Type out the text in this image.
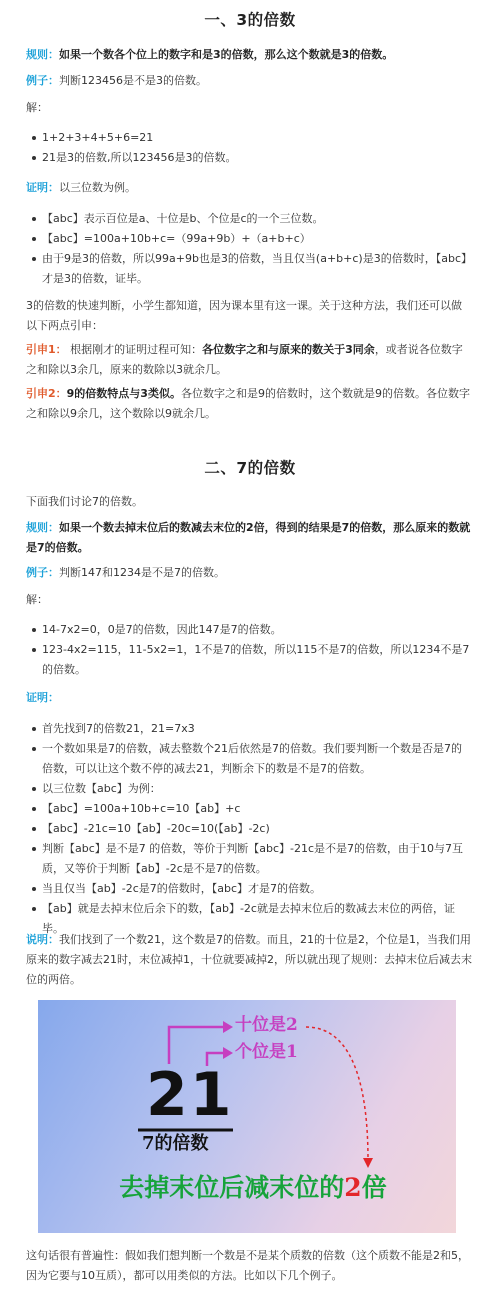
一、3的倍数

规则：如果一个数各个位上的数字和是3的倍数，那么这个数就是3的倍数。

例子：判断123456是不是3的倍数。

解：

1+2+3+4+5+6=21
21是3的倍数,所以123456是3的倍数。

证明：以三位数为例。

【abc】表示百位是a、十位是b、个位是c的一个三位数。
【abc】=100a+10b+c=（99a+9b）+（a+b+c）
由于9是3的倍数，所以99a+9b也是3的倍数，当且仅当(a+b+c)是3的倍数时，【abc】才是3的倍数，证毕。

3的倍数的快速判断，小学生都知道，因为课本里有这一课。关于这种方法，我们还可以做以下两点引申：

引申1： 根据刚才的证明过程可知：各位数字之和与原来的数关于3同余，或者说各位数字之和除以3余几，原来的数除以3就余几。

引申2：9的倍数特点与3类似。各位数字之和是9的倍数时，这个数就是9的倍数。各位数字之和除以9余几，这个数除以9就余几。

二、7的倍数

下面我们讨论7的倍数。

规则：如果一个数去掉末位后的数减去末位的2倍，得到的结果是7的倍数，那么原来的数就是7的倍数。

例子：判断147和1234是不是7的倍数。

解：

14-7x2=0，0是7的倍数，因此147是7的倍数。
123-4x2=115，11-5x2=1，1不是7的倍数，所以115不是7的倍数，所以1234不是7的倍数。

证明：

首先找到7的倍数21，21=7x3
一个数如果是7的倍数，减去整数个21后依然是7的倍数。我们要判断一个数是否是7的倍数，可以让这个数不停的减去21，判断余下的数是不是7的倍数。
以三位数【abc】为例：
【abc】=100a+10b+c=10【ab】+c
【abc】-21c=10【ab】-20c=10(【ab】-2c)
判断【abc】是不是7 的倍数，等价于判断【abc】-21c是不是7的倍数，由于10与7互质，又等价于判断【ab】-2c是不是7的倍数。
当且仅当【ab】-2c是7的倍数时，【abc】才是7的倍数。
【ab】就是去掉末位后余下的数，【ab】-2c就是去掉末位后的数减去末位的两倍，证毕。

说明：我们找到了一个数21，这个数是7的倍数。而且，21的十位是2，个位是1，当我们用原来的数字减去21时，末位减掉1，十位就要减掉2，所以就出现了规则：去掉末位后减去末位的两倍。

十位是2
个位是1
21
7的倍数
去掉末位后减末位的2倍

这句话很有普遍性：假如我们想判断一个数是不是某个质数的倍数（这个质数不能是2和5，因为它要与10互质），都可以用类似的方法。比如以下几个例子。
